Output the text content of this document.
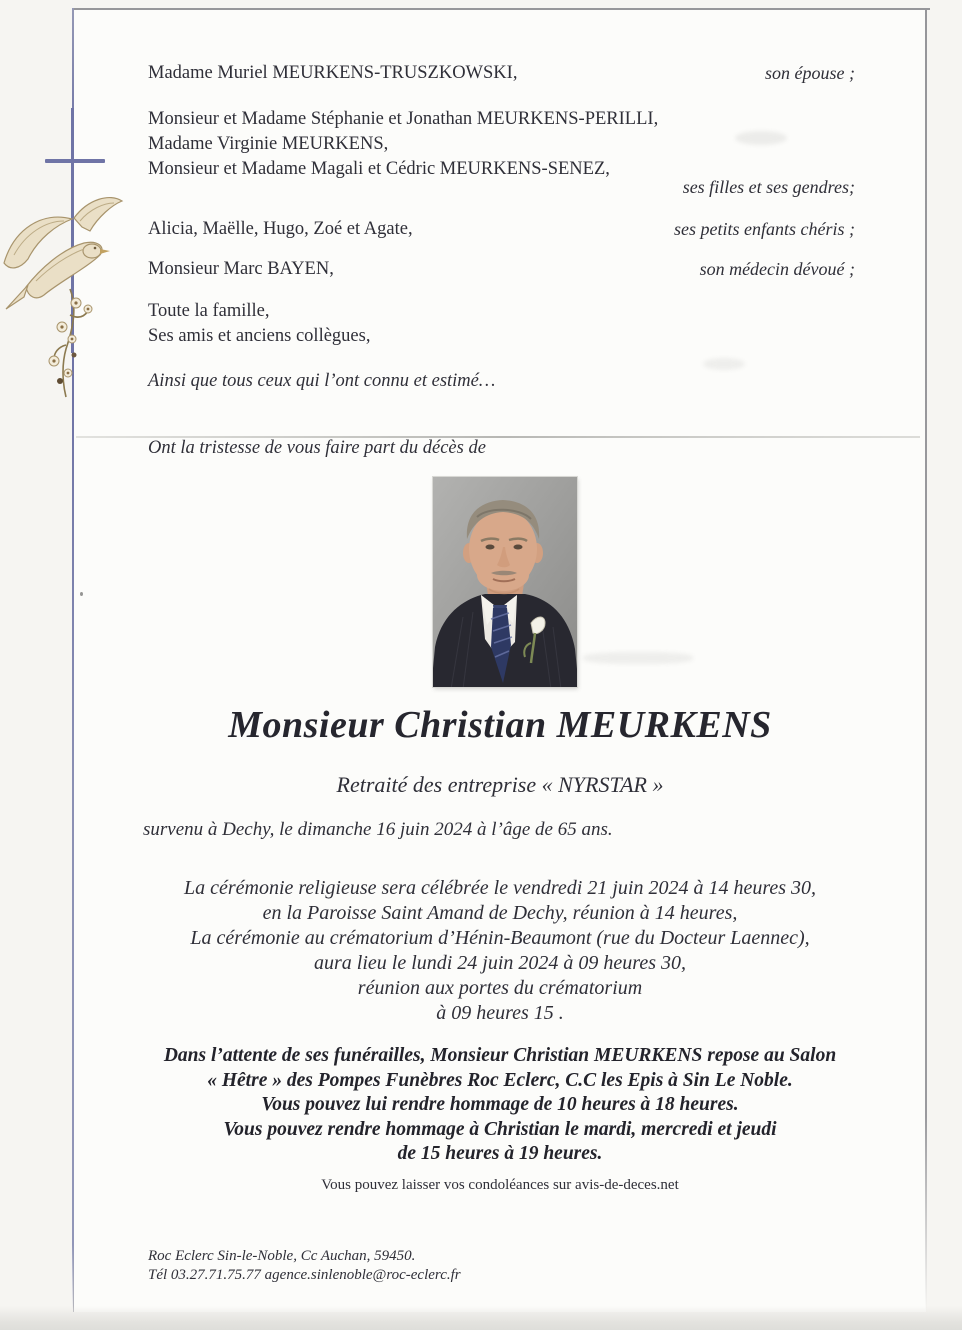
Madame Muriel MEURKENS-TRUSZKOWSKI,	son épouse ;
Monsieur et Madame Stéphanie et Jonathan MEURKENS-PERILLI,
Madame Virginie MEURKENS,
Monsieur et Madame Magali et Cédric MEURKENS-SENEZ,
ses filles et ses gendres;
Alicia, Maëlle, Hugo, Zoé et Agate,	ses petits enfants chéris ;
Monsieur Marc BAYEN,	son médecin dévoué ;
Toute la famille,
Ses amis et anciens collègues,
Ainsi que tous ceux qui l’ont connu et estimé…
Ont la tristesse de vous faire part du décès de
Monsieur Christian MEURKENS
Retraité des entreprise « NYRSTAR »
survenu à Dechy, le dimanche 16 juin 2024 à l’âge de 65 ans.
La cérémonie religieuse sera célébrée le vendredi 21 juin 2024 à 14 heures 30,
en la Paroisse Saint Amand de Dechy, réunion à 14 heures,
La cérémonie au crématorium d’Hénin-Beaumont (rue du Docteur Laennec),
aura lieu le lundi 24 juin 2024 à 09 heures 30,
réunion aux portes du crématorium
à 09 heures 15 .
Dans l’attente de ses funérailles, Monsieur Christian MEURKENS repose au Salon
« Hêtre » des Pompes Funèbres Roc Eclerc, C.C les Epis à Sin Le Noble.
Vous pouvez lui rendre hommage de 10 heures à 18 heures.
Vous pouvez rendre hommage à Christian le mardi, mercredi et jeudi
de 15 heures à 19 heures.
Vous pouvez laisser vos condoléances sur avis-de-deces.net
Roc Eclerc Sin-le-Noble, Cc Auchan, 59450.
Tél 03.27.71.75.77 agence.sinlenoble@roc-eclerc.fr
